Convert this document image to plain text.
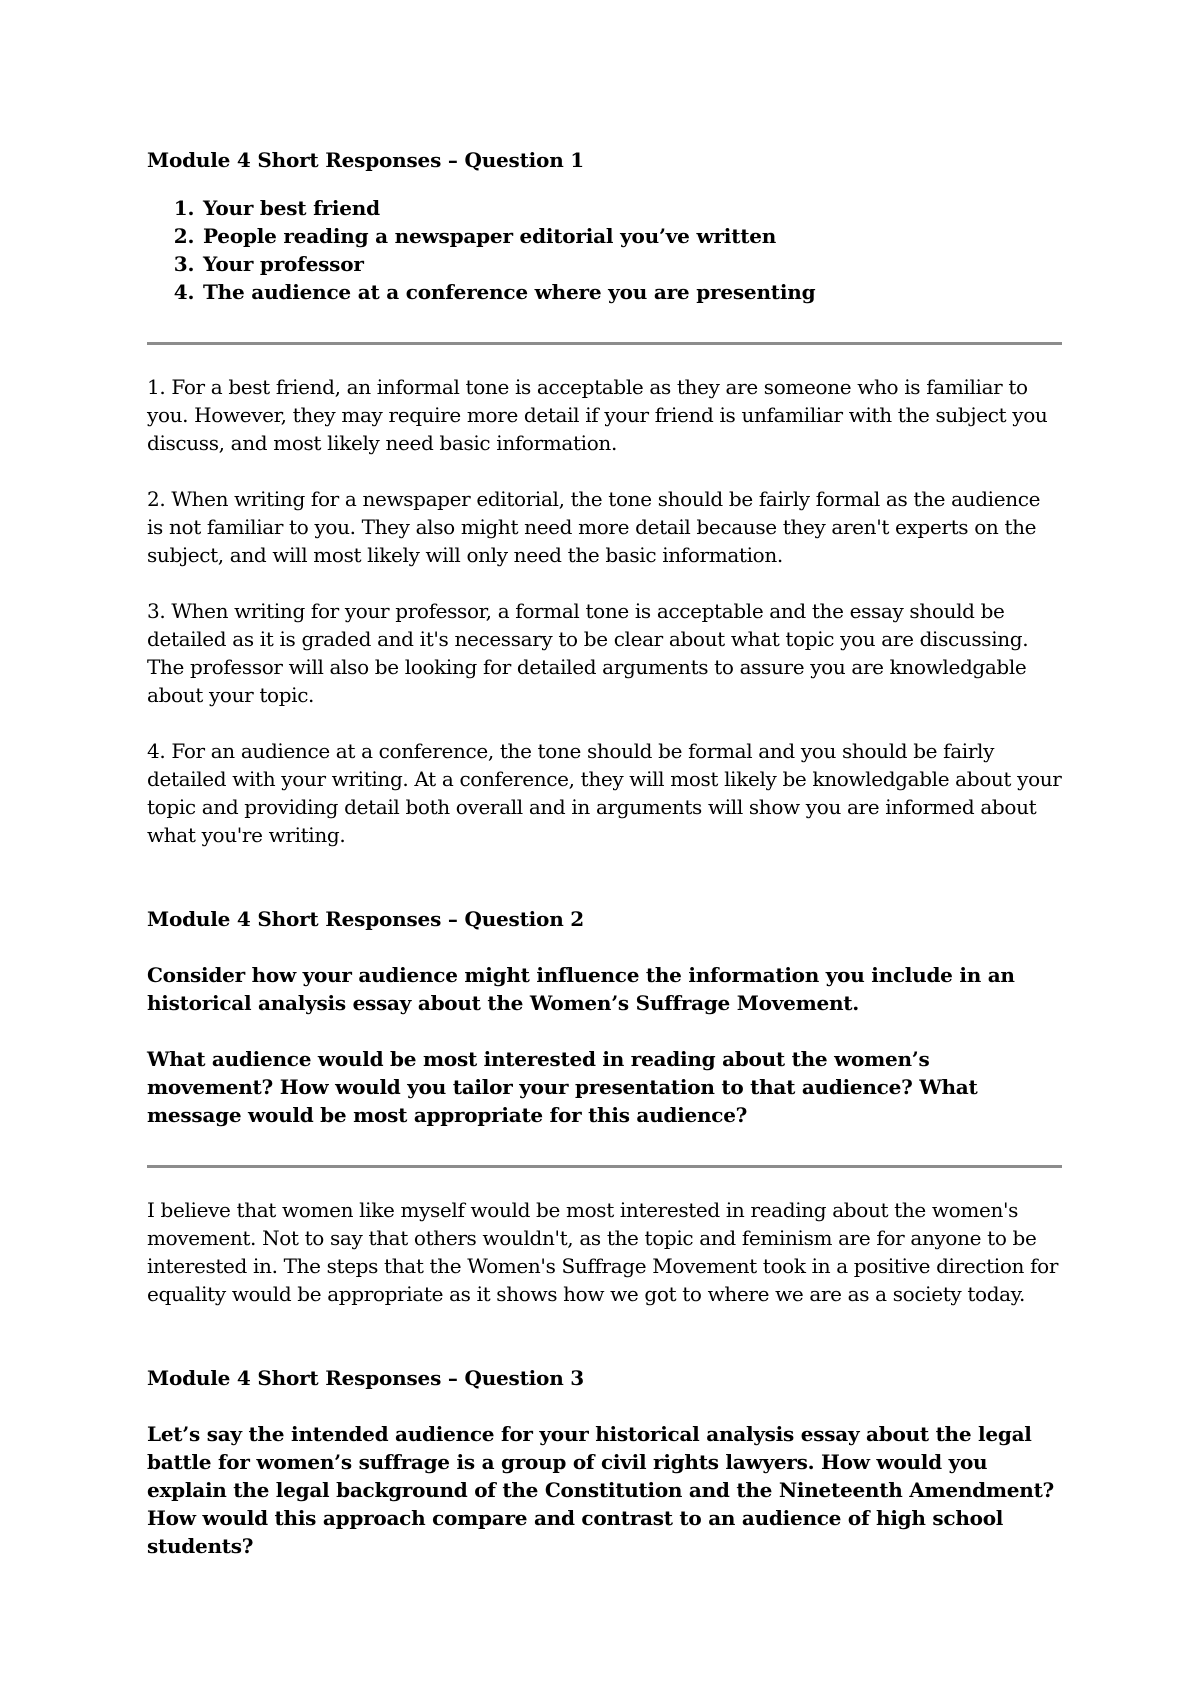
Module 4 Short Responses – Question 1

1. Your best friend
2. People reading a newspaper editorial you’ve written
3. Your professor
4. The audience at a conference where you are presenting

1. For a best friend, an informal tone is acceptable as they are someone who is familiar to you. However, they may require more detail if your friend is unfamiliar with the subject you discuss, and most likely need basic information.

2. When writing for a newspaper editorial, the tone should be fairly formal as the audience is not familiar to you. They also might need more detail because they aren't experts on the subject, and will most likely will only need the basic information.

3. When writing for your professor, a formal tone is acceptable and the essay should be detailed as it is graded and it's necessary to be clear about what topic you are discussing. The professor will also be looking for detailed arguments to assure you are knowledgable about your topic.

4. For an audience at a conference, the tone should be formal and you should be fairly detailed with your writing. At a conference, they will most likely be knowledgable about your topic and providing detail both overall and in arguments will show you are informed about what you're writing.

Module 4 Short Responses – Question 2

Consider how your audience might influence the information you include in an historical analysis essay about the Women’s Suffrage Movement.

What audience would be most interested in reading about the women’s movement? How would you tailor your presentation to that audience? What message would be most appropriate for this audience?

I believe that women like myself would be most interested in reading about the women's movement. Not to say that others wouldn't, as the topic and feminism are for anyone to be interested in. The steps that the Women's Suffrage Movement took in a positive direction for equality would be appropriate as it shows how we got to where we are as a society today.

Module 4 Short Responses – Question 3

Let’s say the intended audience for your historical analysis essay about the legal battle for women’s suffrage is a group of civil rights lawyers. How would you explain the legal background of the Constitution and the Nineteenth Amendment? How would this approach compare and contrast to an audience of high school students?
